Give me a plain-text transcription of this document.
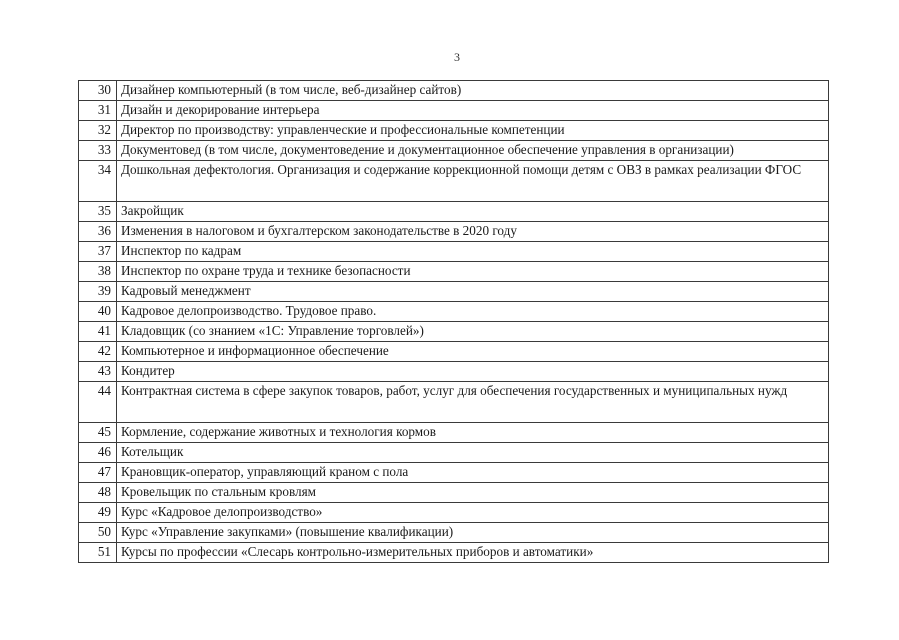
3
30	Дизайнер компьютерный (в том числе, веб-дизайнер сайтов)
31	Дизайн и декорирование интерьера
32	Директор по производству: управленческие и профессиональные компетенции
33	Документовед (в том числе, документоведение и документационное обеспечение управления в организации)
34	Дошкольная дефектология. Организация и содержание коррекционной помощи детям с ОВЗ в рамках реализации ФГОС
35	Закройщик
36	Изменения в налоговом и бухгалтерском законодательстве в 2020 году
37	Инспектор по кадрам
38	Инспектор по охране труда и технике безопасности
39	Кадровый менеджмент
40	Кадровое делопроизводство. Трудовое право.
41	Кладовщик (со знанием «1С: Управление торговлей»)
42	Компьютерное и информационное обеспечение
43	Кондитер
44	Контрактная система в сфере закупок товаров, работ, услуг для обеспечения государственных и муниципальных нужд
45	Кормление, содержание животных и технология кормов
46	Котельщик
47	Крановщик-оператор, управляющий краном с пола
48	Кровельщик по стальным кровлям
49	Курс «Кадровое делопроизводство»
50	Курс «Управление закупками» (повышение квалификации)
51	Курсы по профессии «Слесарь контрольно-измерительных приборов и автоматики»
